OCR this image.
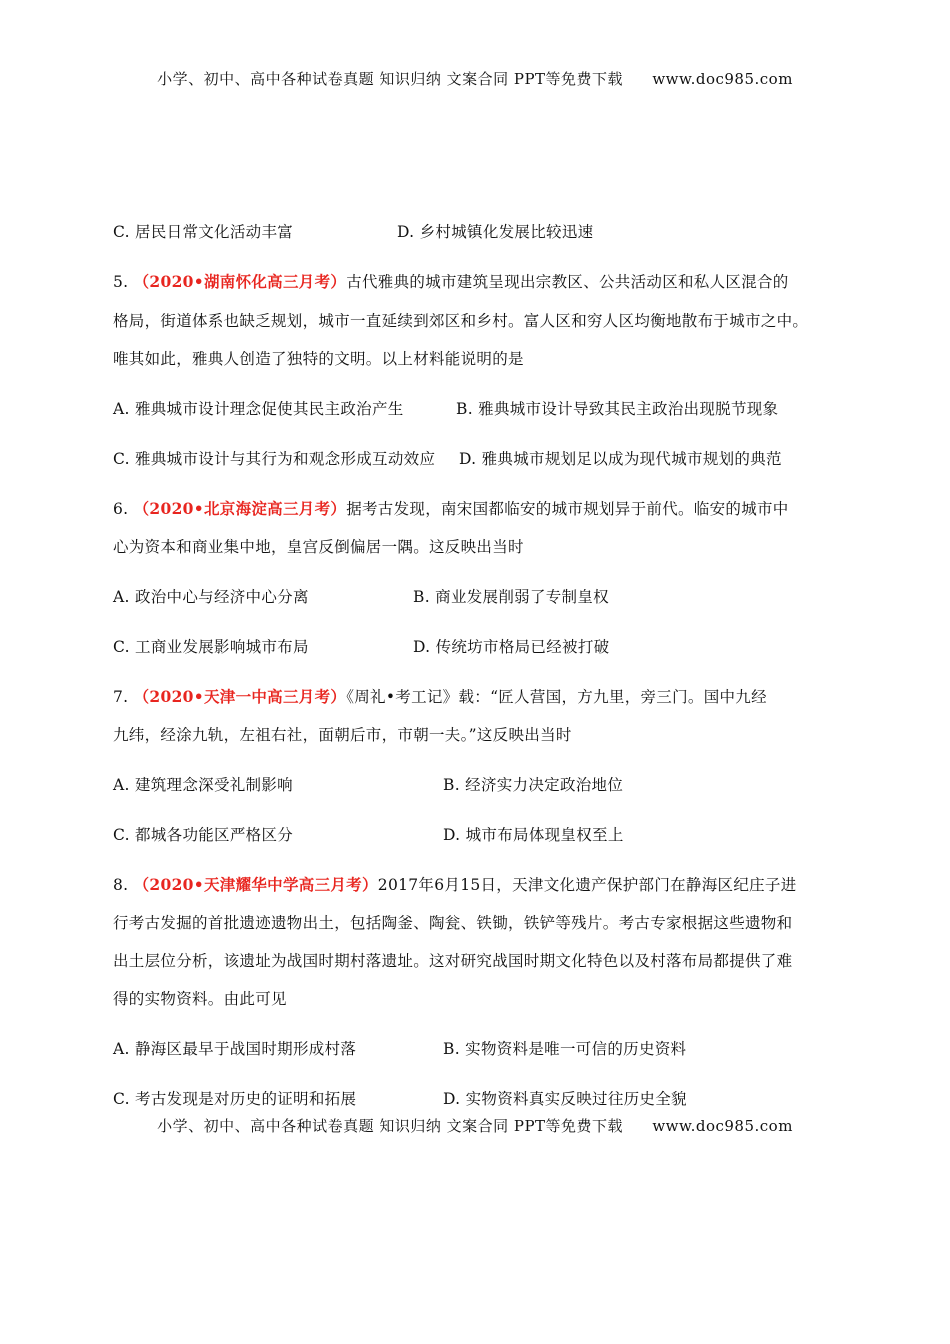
小学、初中、高中各种试卷真题 知识归纳 文案合同 PPT等免费下载 www.doc985.com
C. 居民日常文化活动丰富	D. 乡村城镇化发展比较迅速
5. （2020•湖南怀化高三月考）古代雅典的城市建筑呈现出宗教区、公共活动区和私人区混合的
格局，街道体系也缺乏规划，城市一直延续到郊区和乡村。富人区和穷人区均衡地散布于城市之中。
唯其如此，雅典人创造了独特的文明。以上材料能说明的是
A. 雅典城市设计理念促使其民主政治产生	B. 雅典城市设计导致其民主政治出现脱节现象
C. 雅典城市设计与其行为和观念形成互动效应 D. 雅典城市规划足以成为现代城市规划的典范
6. （2020•北京海淀高三月考）据考古发现，南宋国都临安的城市规划异于前代。临安的城市中
心为资本和商业集中地，皇宫反倒偏居一隅。这反映出当时
A. 政治中心与经济中心分离	B. 商业发展削弱了专制皇权
C. 工商业发展影响城市布局	D. 传统坊市格局已经被打破
7. （2020•天津一中高三月考）《周礼•考工记》载：“匠人营国，方九里，旁三门。国中九经
九纬，经涂九轨，左祖右社，面朝后市，市朝一夫。”这反映出当时
A. 建筑理念深受礼制影响	B. 经济实力决定政治地位
C. 都城各功能区严格区分	D. 城市布局体现皇权至上
8. （2020•天津耀华中学高三月考）2017年6月15日，天津文化遗产保护部门在静海区纪庄子进
行考古发掘的首批遗迹遗物出土，包括陶釜、陶瓮、铁锄，铁铲等残片。考古专家根据这些遗物和
出土层位分析，该遗址为战国时期村落遗址。这对研究战国时期文化特色以及村落布局都提供了难
得的实物资料。由此可见
A. 静海区最早于战国时期形成村落	B. 实物资料是唯一可信的历史资料
C. 考古发现是对历史的证明和拓展	D. 实物资料真实反映过往历史全貌
小学、初中、高中各种试卷真题 知识归纳 文案合同 PPT等免费下载 www.doc985.com
